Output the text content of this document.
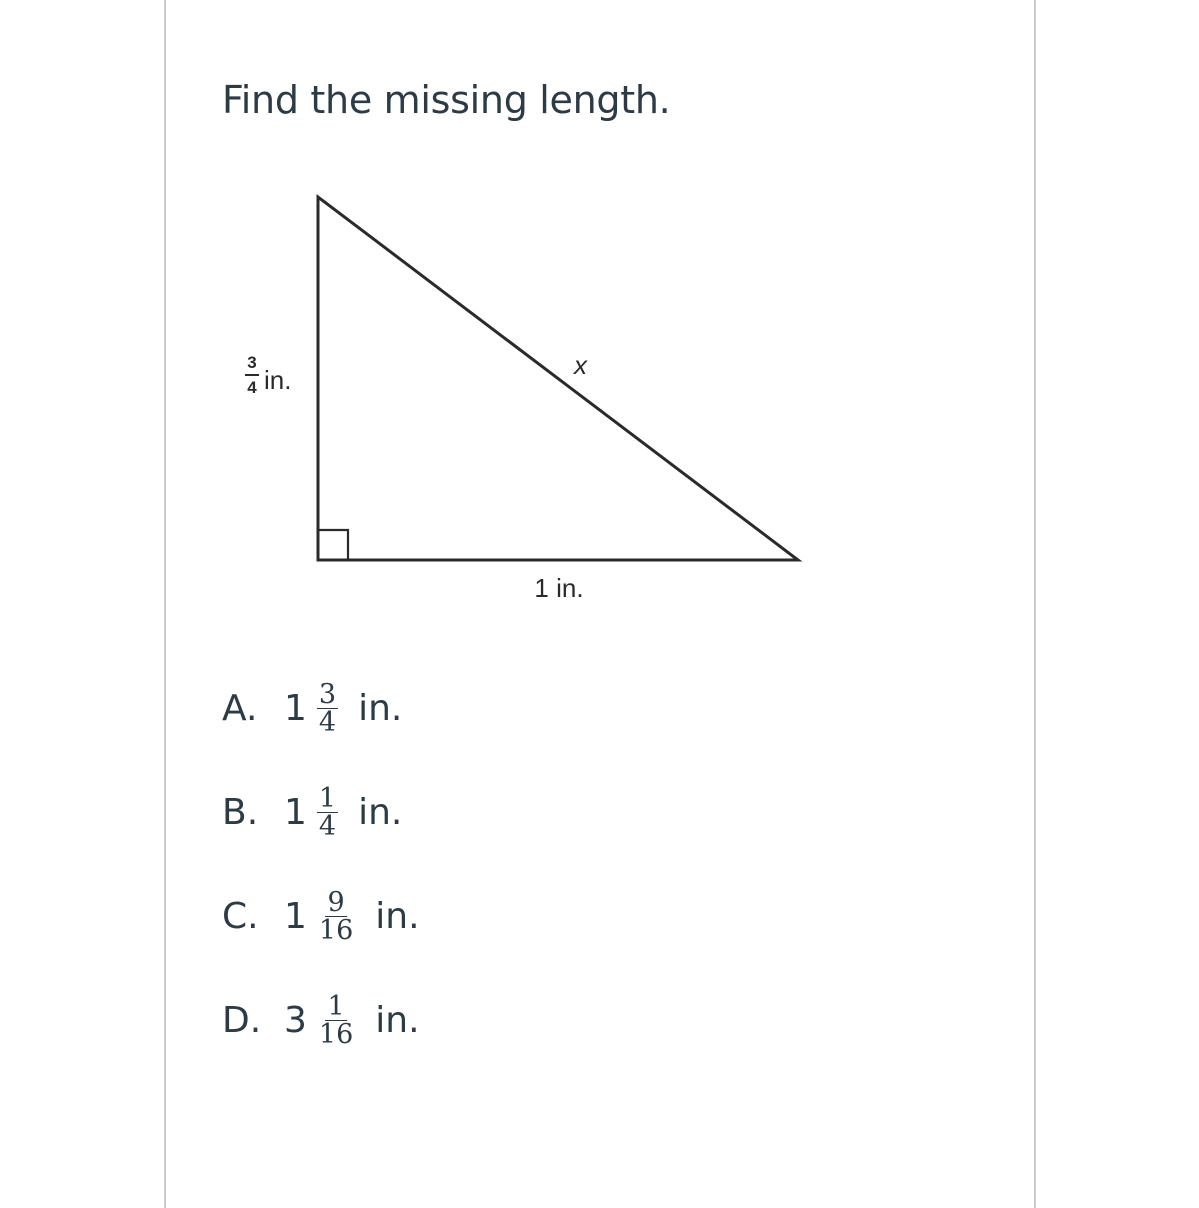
Find the missing length.
3
4 in.	x
1 in.
A. $1 \frac{3}{4}$ in.
B. $1 \frac{1}{4}$ in.
C. $1 \frac{9}{16}$ in.
D. $3 \frac{1}{16}$ in.
